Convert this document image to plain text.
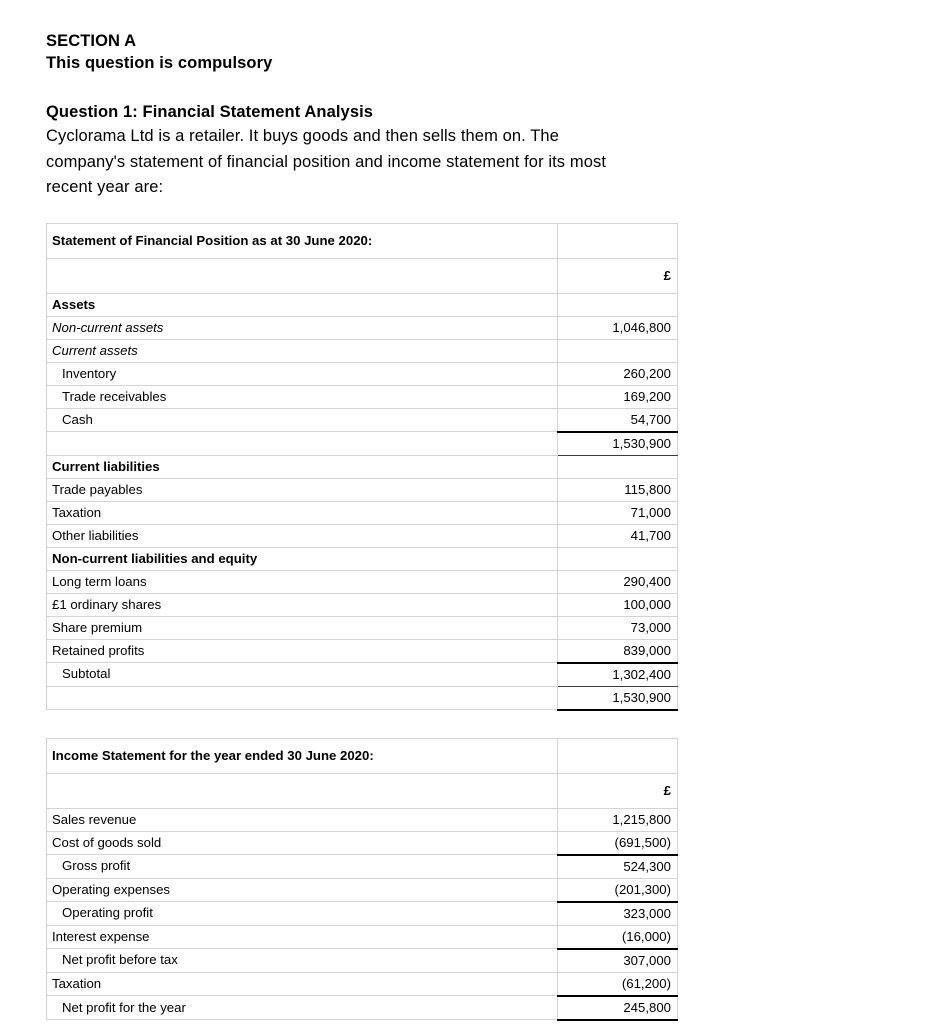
SECTION A
This question is compulsory
Question 1: Financial Statement Analysis
Cyclorama Ltd is a retailer. It buys goods and then sells them on. The
company's statement of financial position and income statement for its most
recent year are:
Statement of Financial Position as at 30 June 2020:	
	£
Assets	
Non-current assets	1,046,800
Current assets	
Inventory	260,200
Trade receivables	169,200
Cash	54,700
	1,530,900
Current liabilities	
Trade payables	115,800
Taxation	71,000
Other liabilities	41,700
Non-current liabilities and equity	
Long term loans	290,400
£1 ordinary shares	100,000
Share premium	73,000
Retained profits	839,000
Subtotal	1,302,400
	1,530,900
Income Statement for the year ended 30 June 2020:	
	£
Sales revenue	1,215,800
Cost of goods sold	(691,500)
Gross profit	524,300
Operating expenses	(201,300)
Operating profit	323,000
Interest expense	(16,000)
Net profit before tax	307,000
Taxation	(61,200)
Net profit for the year	245,800
